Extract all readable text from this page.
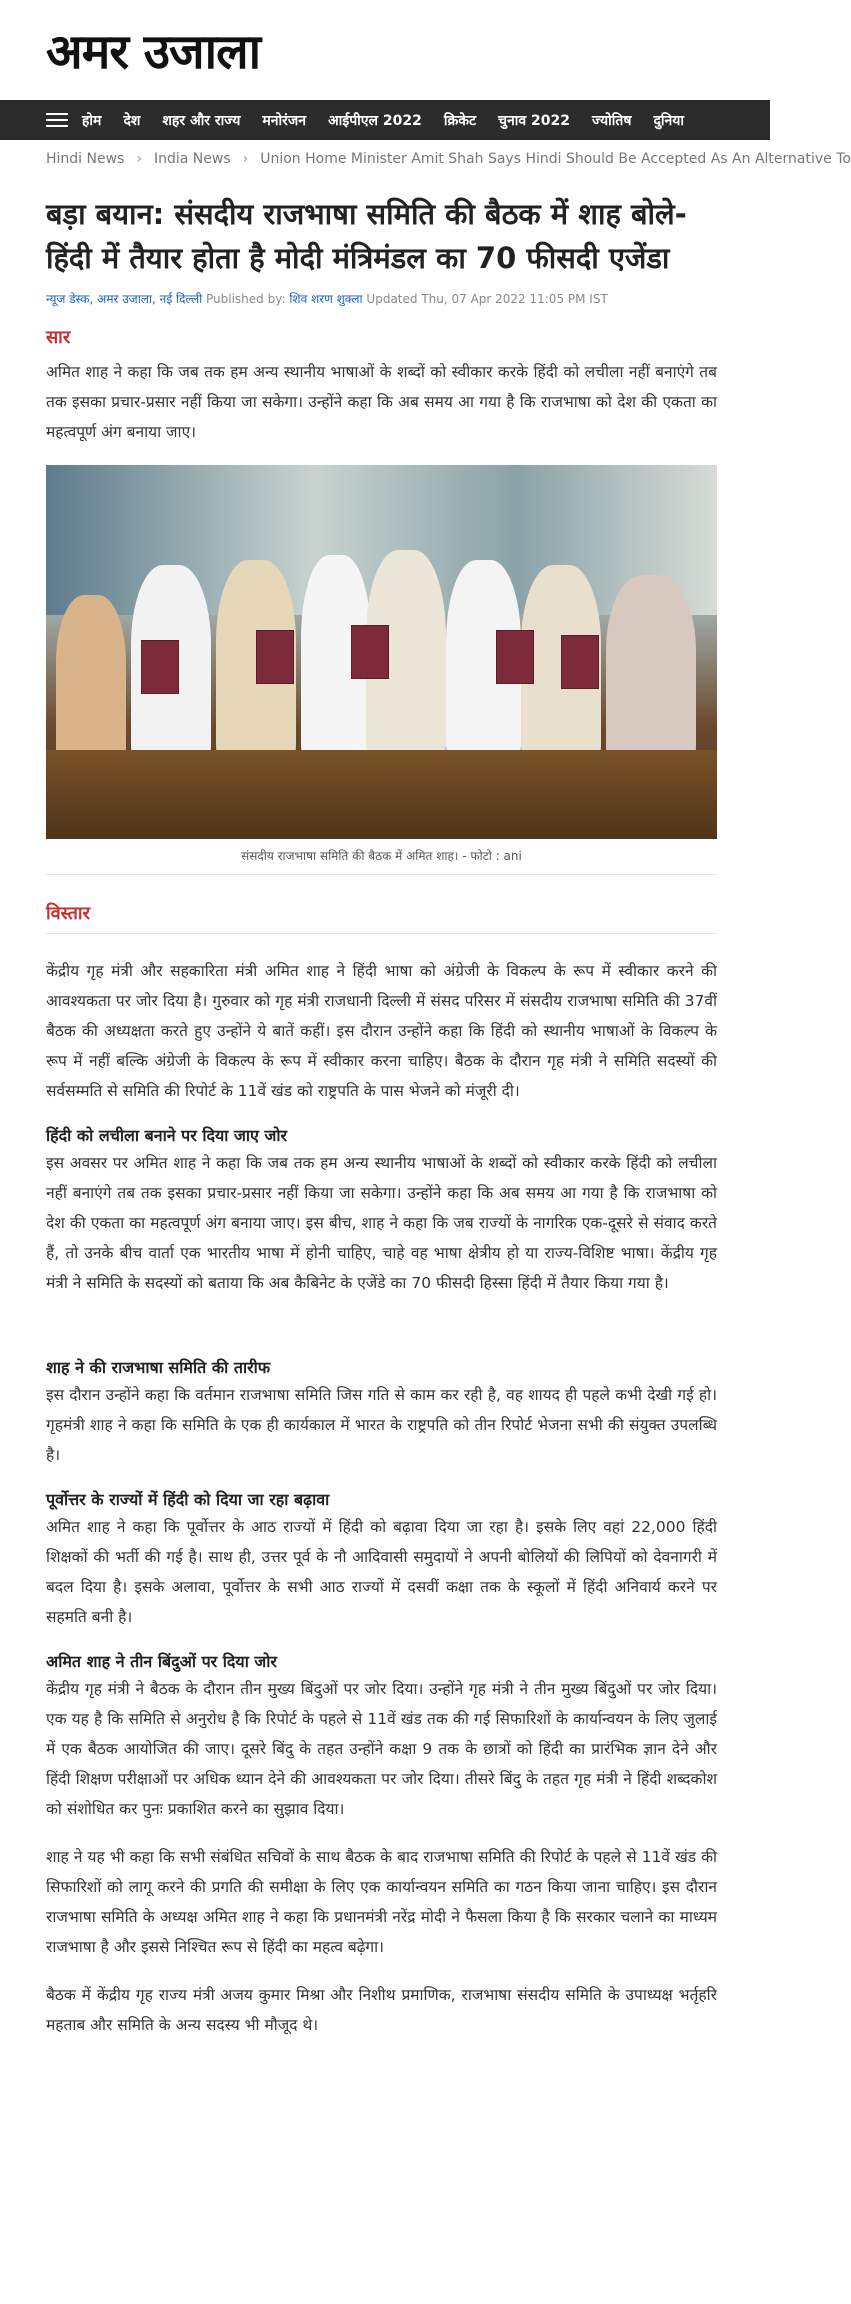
अमर उजाला
होम देश शहर और राज्य मनोरंजन आईपीएल 2022 क्रिकेट चुनाव 2022 ज्योतिष दुनिया
Hindi News › India News › Union Home Minister Amit Shah Says Hindi Should Be Accepted As An Alternative To
बड़ा बयान: संसदीय राजभाषा समिति की बैठक में शाह बोले- हिंदी में तैयार होता है मोदी मंत्रिमंडल का 70 फीसदी एजेंडा
न्यूज डेस्क, अमर उजाला, नई दिल्ली Published by: शिव शरण शुक्ला Updated Thu, 07 Apr 2022 11:05 PM IST
सार

अमित शाह ने कहा कि जब तक हम अन्य स्थानीय भाषाओं के शब्दों को स्वीकार करके हिंदी को लचीला नहीं बनाएंगे तब तक इसका प्रचार-प्रसार नहीं किया जा सकेगा। उन्होंने कहा कि अब समय आ गया है कि राजभाषा को देश की एकता का महत्वपूर्ण अंग बनाया जाए।

संसदीय राजभाषा समिति की बैठक में अमित शाह। - फोटो : ani
विस्तार

केंद्रीय गृह मंत्री और सहकारिता मंत्री अमित शाह ने हिंदी भाषा को अंग्रेजी के विकल्प के रूप में स्वीकार करने की आवश्यकता पर जोर दिया है। गुरुवार को गृह मंत्री राजधानी दिल्ली में संसद परिसर में संसदीय राजभाषा समिति की 37वीं बैठक की अध्यक्षता करते हुए उन्होंने ये बातें कहीं। इस दौरान उन्होंने कहा कि हिंदी को स्थानीय भाषाओं के विकल्प के रूप में नहीं बल्कि अंग्रेजी के विकल्प के रूप में स्वीकार करना चाहिए। बैठक के दौरान गृह मंत्री ने समिति सदस्यों की सर्वसम्मति से समिति की रिपोर्ट के 11वें खंड को राष्ट्रपति के पास भेजने को मंजूरी दी।

हिंदी को लचीला बनाने पर दिया जाए जोर

इस अवसर पर अमित शाह ने कहा कि जब तक हम अन्य स्थानीय भाषाओं के शब्दों को स्वीकार करके हिंदी को लचीला नहीं बनाएंगे तब तक इसका प्रचार-प्रसार नहीं किया जा सकेगा। उन्होंने कहा कि अब समय आ गया है कि राजभाषा को देश की एकता का महत्वपूर्ण अंग बनाया जाए। इस बीच, शाह ने कहा कि जब राज्यों के नागरिक एक-दूसरे से संवाद करते हैं, तो उनके बीच वार्ता एक भारतीय भाषा में होनी चाहिए, चाहे वह भाषा क्षेत्रीय हो या राज्य-विशिष्ट भाषा। केंद्रीय गृह मंत्री ने समिति के सदस्यों को बताया कि अब कैबिनेट के एजेंडे का 70 फीसदी हिस्सा हिंदी में तैयार किया गया है।

शाह ने की राजभाषा समिति की तारीफ

इस दौरान उन्होंने कहा कि वर्तमान राजभाषा समिति जिस गति से काम कर रही है, वह शायद ही पहले कभी देखी गई हो। गृहमंत्री शाह ने कहा कि समिति के एक ही कार्यकाल में भारत के राष्ट्रपति को तीन रिपोर्ट भेजना सभी की संयुक्त उपलब्धि है।

पूर्वोत्तर के राज्यों में हिंदी को दिया जा रहा बढ़ावा

अमित शाह ने कहा कि पूर्वोत्तर के आठ राज्यों में हिंदी को बढ़ावा दिया जा रहा है। इसके लिए वहां 22,000 हिंदी शिक्षकों की भर्ती की गई है। साथ ही, उत्तर पूर्व के नौ आदिवासी समुदायों ने अपनी बोलियों की लिपियों को देवनागरी में बदल दिया है। इसके अलावा, पूर्वोत्तर के सभी आठ राज्यों में दसवीं कक्षा तक के स्कूलों में हिंदी अनिवार्य करने पर सहमति बनी है।

अमित शाह ने तीन बिंदुओं पर दिया जोर

केंद्रीय गृह मंत्री ने बैठक के दौरान तीन मुख्य बिंदुओं पर जोर दिया। उन्होंने गृह मंत्री ने तीन मुख्य बिंदुओं पर जोर दिया। एक यह है कि समिति से अनुरोध है कि रिपोर्ट के पहले से 11वें खंड तक की गई सिफारिशों के कार्यान्वयन के लिए जुलाई में एक बैठक आयोजित की जाए। दूसरे बिंदु के तहत उन्होंने कक्षा 9 तक के छात्रों को हिंदी का प्रारंभिक ज्ञान देने और हिंदी शिक्षण परीक्षाओं पर अधिक ध्यान देने की आवश्यकता पर जोर दिया। तीसरे बिंदु के तहत गृह मंत्री ने हिंदी शब्दकोश को संशोधित कर पुनः प्रकाशित करने का सुझाव दिया।

शाह ने यह भी कहा कि सभी संबंधित सचिवों के साथ बैठक के बाद राजभाषा समिति की रिपोर्ट के पहले से 11वें खंड की सिफारिशों को लागू करने की प्रगति की समीक्षा के लिए एक कार्यान्वयन समिति का गठन किया जाना चाहिए। इस दौरान राजभाषा समिति के अध्यक्ष अमित शाह ने कहा कि प्रधानमंत्री नरेंद्र मोदी ने फैसला किया है कि सरकार चलाने का माध्यम राजभाषा है और इससे निश्चित रूप से हिंदी का महत्व बढ़ेगा।

बैठक में केंद्रीय गृह राज्य मंत्री अजय कुमार मिश्रा और निशीथ प्रमाणिक, राजभाषा संसदीय समिति के उपाध्यक्ष भर्तृहरि महताब और समिति के अन्य सदस्य भी मौजूद थे।
